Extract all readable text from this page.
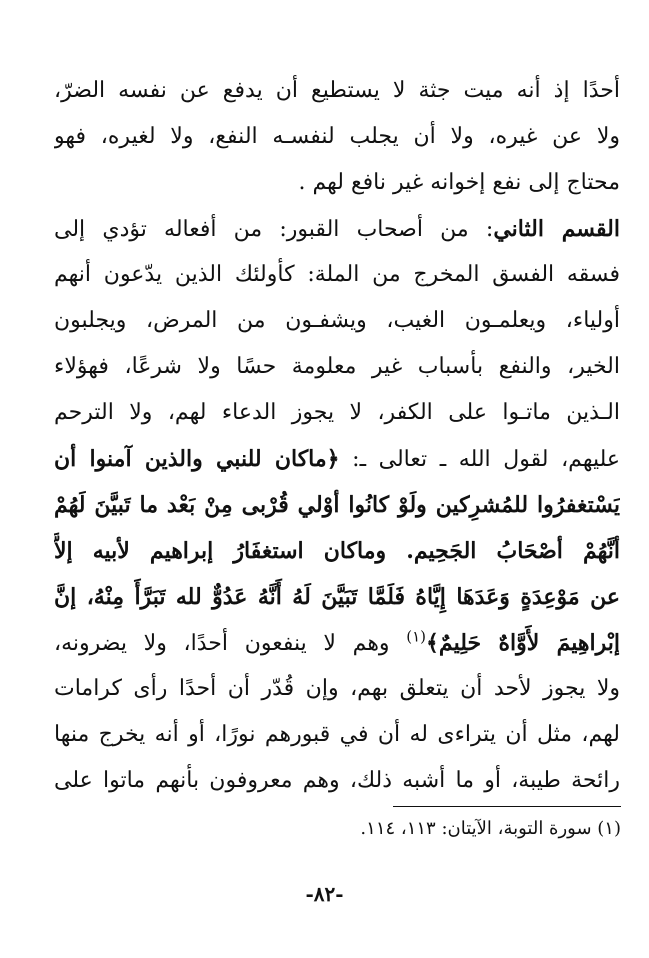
أحدًا إذ أنه ميت جثة لا يستطيع أن يدفع عن نفسه الضرّ،
ولا عن غيره، ولا أن يجلب لنفسـه النفع، ولا لغيره، فهو
محتاج إلى نفع إخوانه غير نافع لهم .
القسم الثاني: من أصحاب القبور: من أفعاله تؤدي إلى
فسقه الفسق المخرج من الملة: كأولئك الذين يدّعون أنهم
أولياء، ويعلمـون الغيب، ويشفـون من المرض، ويجلبون
الخير، والنفع بأسباب غير معلومة حسًا ولا شرعًا، فهؤلاء
الـذين ماتـوا على الكفر، لا يجوز الدعاء لهم، ولا الترحم
عليهم، لقول الله ـ تعالى ـ: ﴿ماكان للنبي والذين آمنوا أن
يَسْتغفرُوا للمُشرِكين ولَوْ كانُوا أوْلي قُرْبى مِنْ بَعْد ما تَبيَّنَ لَهُمْ
أنَّهُمْ أصْحَابُ الجَحِيم. وماكان استغفَارُ إبراهيم لأبيه إلاَّ
عن مَوْعِدَةٍ وَعَدَهَا إِيَّاهُ فَلَمَّا تَبَيَّنَ لَهُ أَنَّهُ عَدُوٌّ لله تَبَرَّأَ مِنْهُ، إنَّ
إبْراهِيمَ لأَوَّاهٌ حَلِيمٌ﴾$^{(١)}$ وهم لا ينفعون أحدًا، ولا يضرونه،
ولا يجوز لأحد أن يتعلق بهم، وإن قُدّر أن أحدًا رأى كرامات
لهم، مثل أن يتراءى له أن في قبورهم نورًا، أو أنه يخرج منها
رائحة طيبة، أو ما أشبه ذلك، وهم معروفون بأنهم ماتوا على
(١) سورة التوبة، الآيتان: ١١٣، ١١٤.
-٨٢-
